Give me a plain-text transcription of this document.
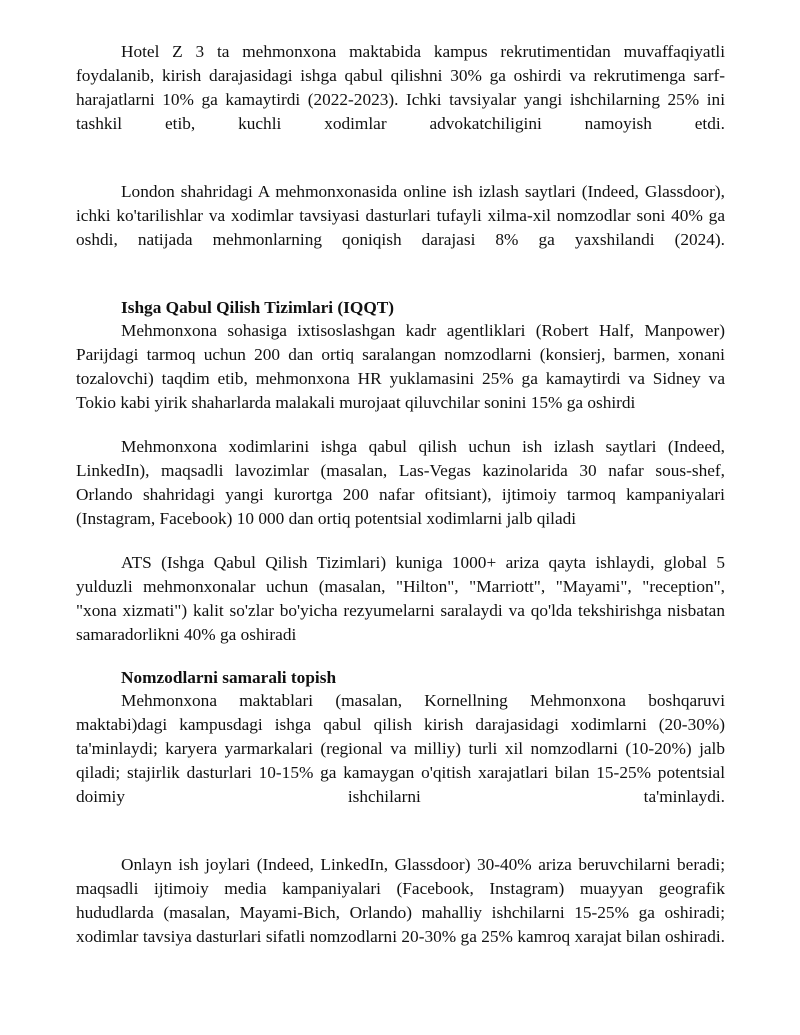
Hotel Z 3 ta mehmonxona maktabida kampus rekrutimentidan muvaffaqiyatli foydalanib, kirish darajasidagi ishga qabul qilishni 30% ga oshirdi va rekrutimenga sarf-harajatlarni 10% ga kamaytirdi (2022-2023). Ichki tavsiyalar yangi ishchilarning 25% ini tashkil etib, kuchli xodimlar advokatchiligini namoyish etdi.

London shahridagi A mehmonxonasida online ish izlash saytlari (Indeed, Glassdoor), ichki ko'tarilishlar va xodimlar tavsiyasi dasturlari tufayli xilma-xil nomzodlar soni 40% ga oshdi, natijada mehmonlarning qoniqish darajasi 8% ga yaxshilandi (2024).

Ishga Qabul Qilish Tizimlari (IQQT)

Mehmonxona sohasiga ixtisoslashgan kadr agentliklari (Robert Half, Manpower) Parijdagi tarmoq uchun 200 dan ortiq saralangan nomzodlarni (konsierj, barmen, xonani tozalovchi) taqdim etib, mehmonxona HR yuklamasini 25% ga kamaytirdi va Sidney va Tokio kabi yirik shaharlarda malakali murojaat qiluvchilar sonini 15% ga oshirdi

Mehmonxona xodimlarini ishga qabul qilish uchun ish izlash saytlari (Indeed, LinkedIn), maqsadli lavozimlar (masalan, Las-Vegas kazinolarida 30 nafar sous-shef, Orlando shahridagi yangi kurortga 200 nafar ofitsiant), ijtimoiy tarmoq kampaniyalari (Instagram, Facebook) 10 000 dan ortiq potentsial xodimlarni jalb qiladi

ATS (Ishga Qabul Qilish Tizimlari) kuniga 1000+ ariza qayta ishlaydi, global 5 yulduzli mehmonxonalar uchun (masalan, "Hilton", "Marriott", "Mayami", "reception", "xona xizmati") kalit so'zlar bo'yicha rezyumelarni saralaydi va qo'lda tekshirishga nisbatan samaradorlikni 40% ga oshiradi

Nomzodlarni samarali topish

Mehmonxona maktablari (masalan, Kornellning Mehmonxona boshqaruvi maktabi)dagi kampusdagi ishga qabul qilish kirish darajasidagi xodimlarni (20-30%) ta'minlaydi; karyera yarmarkalari (regional va milliy) turli xil nomzodlarni (10-20%) jalb qiladi; stajirlik dasturlari 10-15% ga kamaygan o'qitish xarajatlari bilan 15-25% potentsial doimiy ishchilarni ta'minlaydi.

Onlayn ish joylari (Indeed, LinkedIn, Glassdoor) 30-40% ariza beruvchilarni beradi; maqsadli ijtimoiy media kampaniyalari (Facebook, Instagram) muayyan geografik hududlarda (masalan, Mayami-Bich, Orlando) mahalliy ishchilarni 15-25% ga oshiradi; xodimlar tavsiya dasturlari sifatli nomzodlarni 20-30% ga 25% kamroq xarajat bilan oshiradi.
